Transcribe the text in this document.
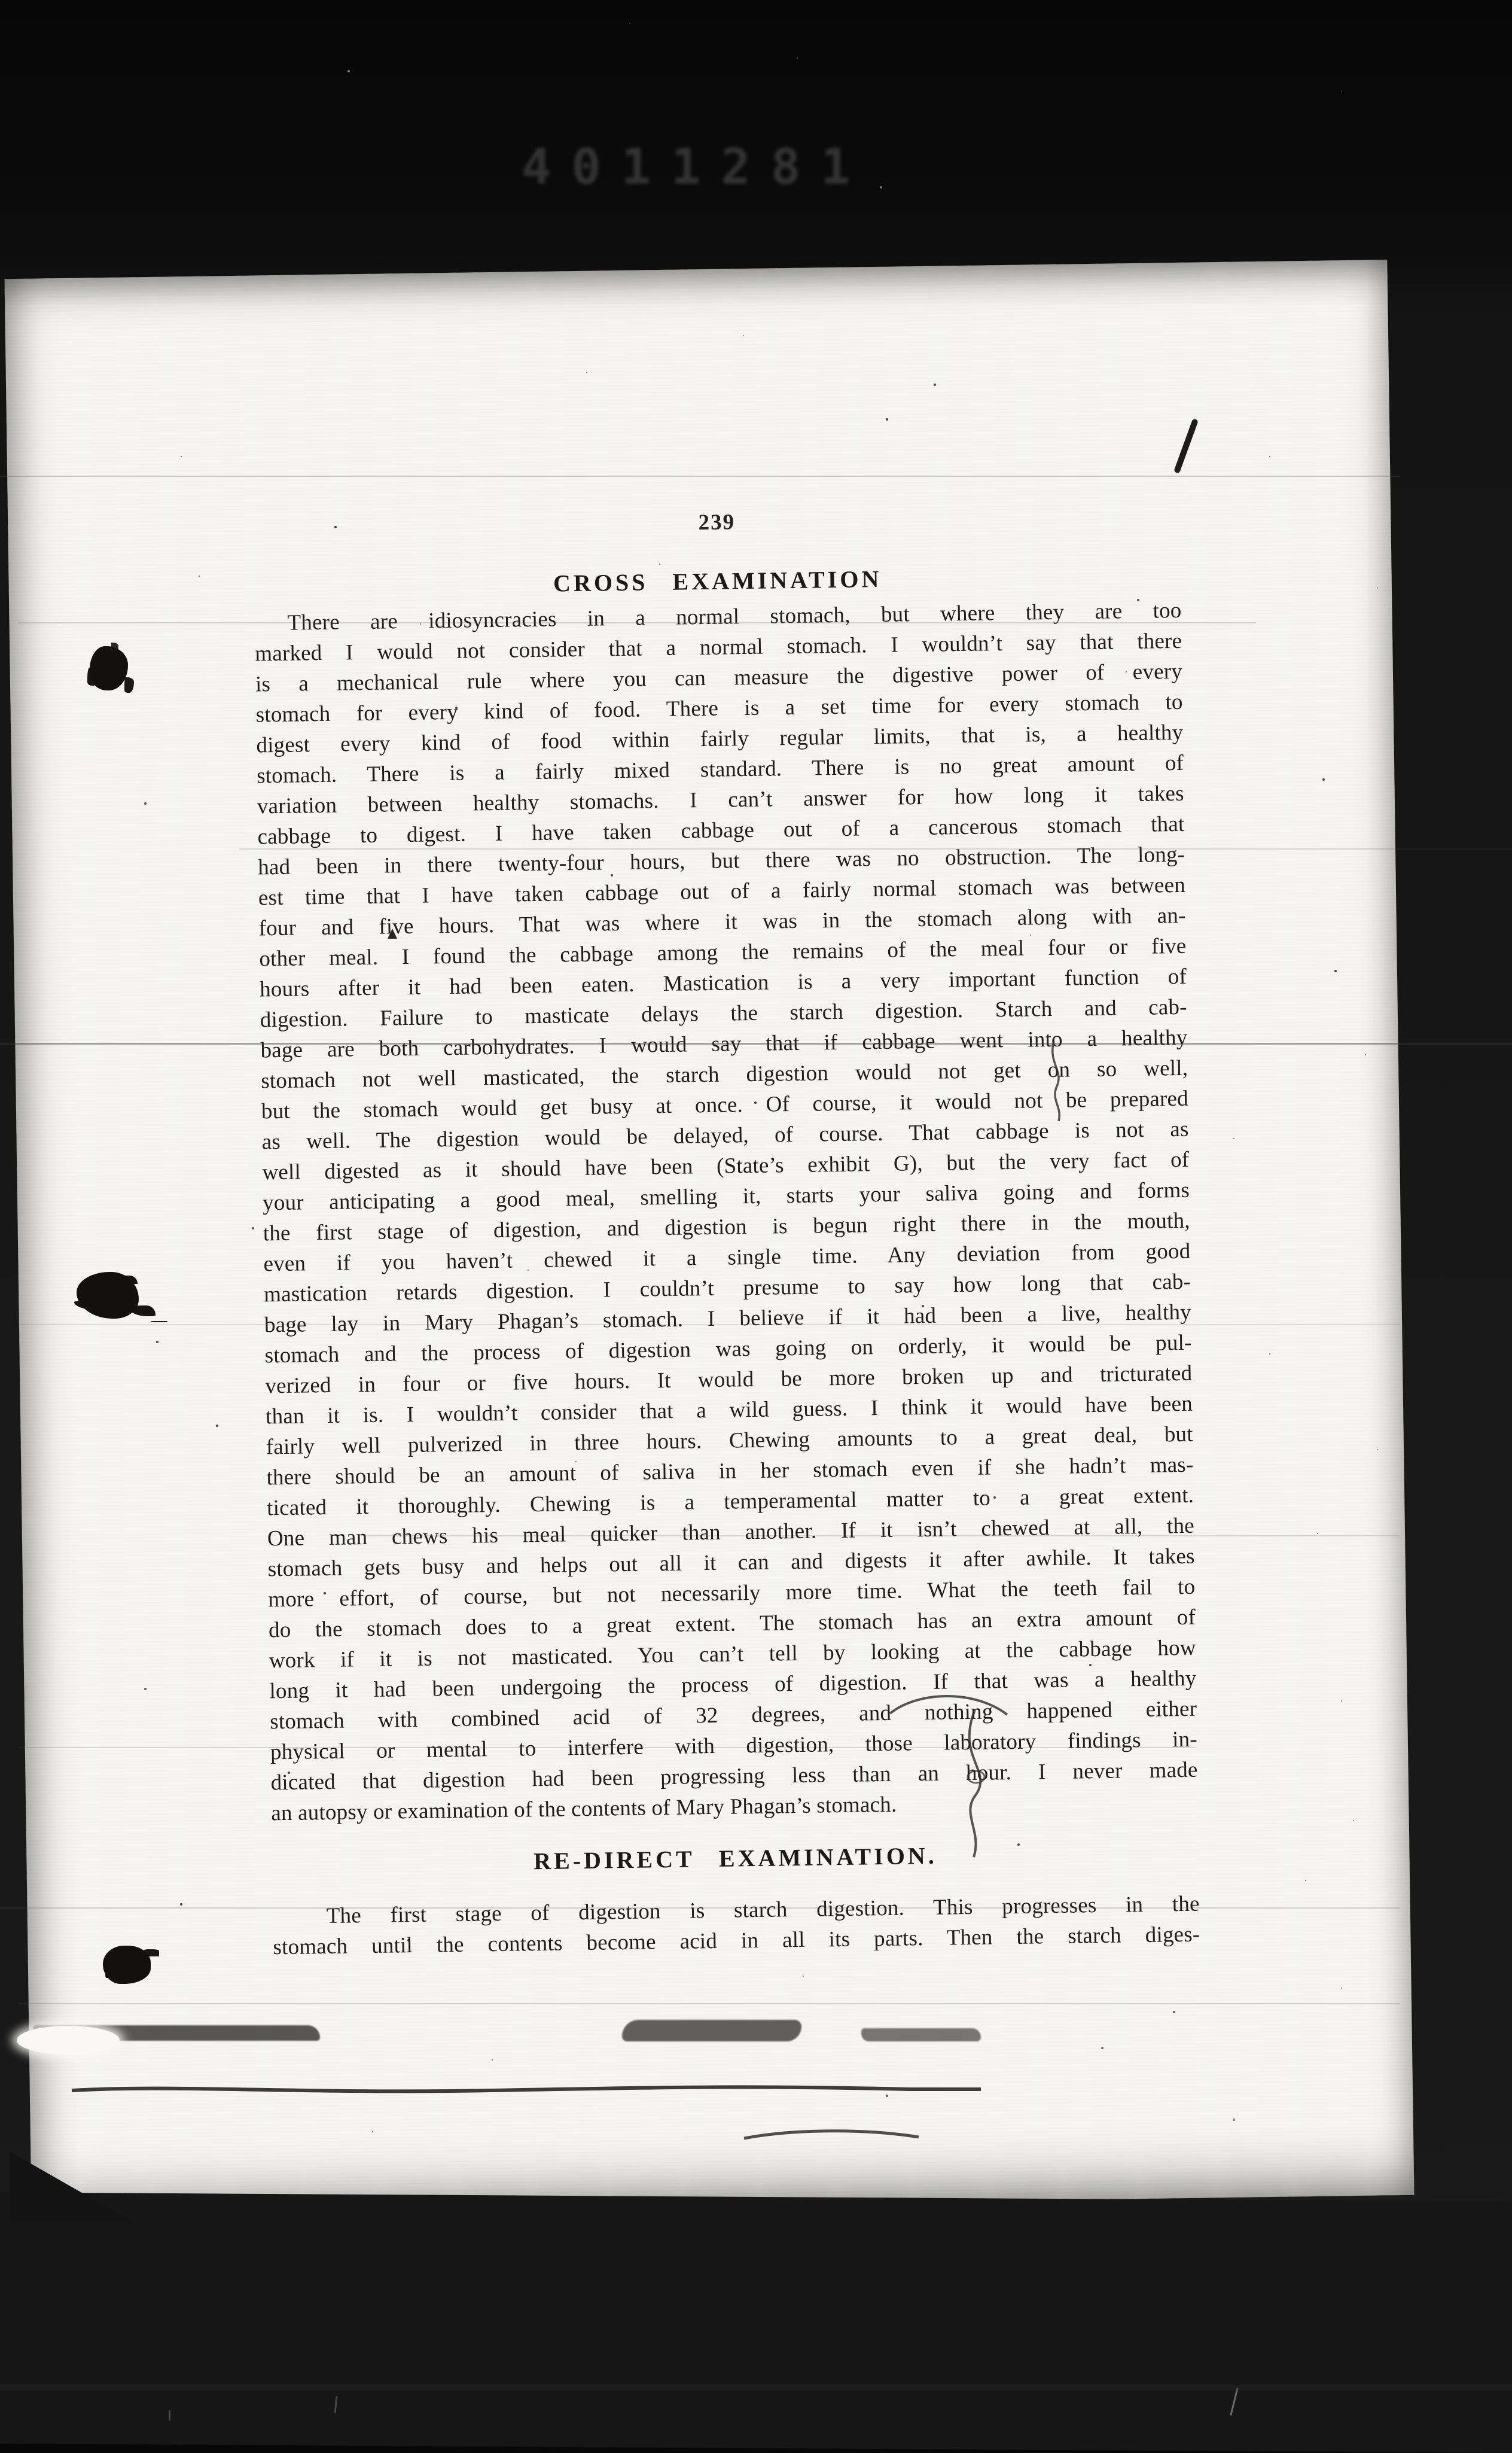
4011281
239
CROSS EXAMINATION
There are idiosyncracies in a normal stomach, but where they are too
marked I would not consider that a normal stomach. I wouldn’t say that there
is a mechanical rule where you can measure the digestive power of every
stomach for every kind of food. There is a set time for every stomach to
digest every kind of food within fairly regular limits, that is, a healthy
stomach. There is a fairly mixed standard. There is no great amount of
variation between healthy stomachs. I can’t answer for how long it takes
cabbage to digest. I have taken cabbage out of a cancerous stomach that
had been in there twenty-four hours, but there was no obstruction. The long-
est time that I have taken cabbage out of a fairly normal stomach was between
four and five hours. That was where it was in the stomach along with an-
other meal. I found the cabbage among the remains of the meal four or five
hours after it had been eaten. Mastication is a very important function of
digestion. Failure to masticate delays the starch digestion. Starch and cab-
bage are both carbohydrates. I would say that if cabbage went into a healthy
stomach not well masticated, the starch digestion would not get on so well,
but the stomach would get busy at once. Of course, it would not be prepared
as well. The digestion would be delayed, of course. That cabbage is not as
well digested as it should have been (State’s exhibit G), but the very fact of
your anticipating a good meal, smelling it, starts your saliva going and forms
the first stage of digestion, and digestion is begun right there in the mouth,
even if you haven’t chewed it a single time. Any deviation from good
mastication retards digestion. I couldn’t presume to say how long that cab-
bage lay in Mary Phagan’s stomach. I believe if it had been a live, healthy
stomach and the process of digestion was going on orderly, it would be pul-
verized in four or five hours. It would be more broken up and tricturated
than it is. I wouldn’t consider that a wild guess. I think it would have been
fairly well pulverized in three hours. Chewing amounts to a great deal, but
there should be an amount of saliva in her stomach even if she hadn’t mas-
ticated it thoroughly. Chewing is a temperamental matter to a great extent.
One man chews his meal quicker than another. If it isn’t chewed at all, the
stomach gets busy and helps out all it can and digests it after awhile. It takes
more effort, of course, but not necessarily more time. What the teeth fail to
do the stomach does to a great extent. The stomach has an extra amount of
work if it is not masticated. You can’t tell by looking at the cabbage how
long it had been undergoing the process of digestion. If that was a healthy
stomach with combined acid of 32 degrees, and nothing happened either
physical or mental to interfere with digestion, those laboratory findings in-
dicated that digestion had been progressing less than an hour. I never made
an autopsy or examination of the contents of Mary Phagan’s stomach.
RE-DIRECT EXAMINATION.
The first stage of digestion is starch digestion. This progresses in the
stomach until the contents become acid in all its parts. Then the starch diges-
